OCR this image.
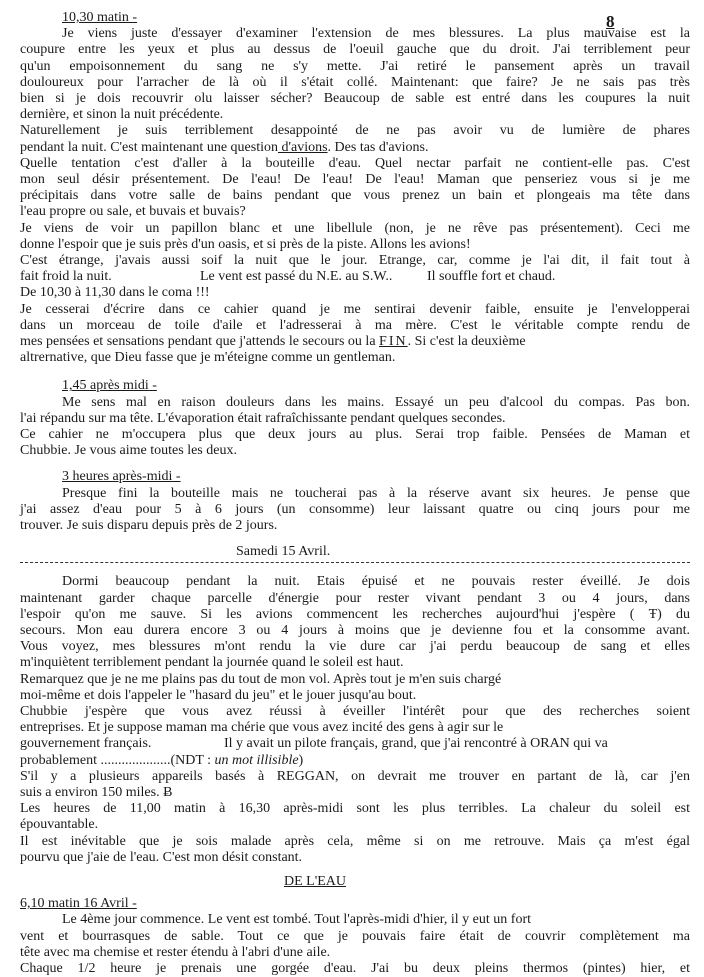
8
10,30 matin -
Je viens juste d'essayer d'examiner l'extension de mes blessures. La plus mauvaise est la
coupure entre les yeux et plus au dessus de l'oeuil gauche que du droit. J'ai terriblement peur
qu'un empoisonnement du sang ne s'y mette. J'ai retiré le pansement après un travail
douloureux pour l'arracher de là où il s'était collé. Maintenant: que faire? Je ne sais pas très
bien si je dois recouvrir olu laisser sécher? Beaucoup de sable est entré dans les coupures la nuit
dernière, et sinon la nuit précédente.
Naturellement je suis terriblement desappointé de ne pas avoir vu de lumière de phares
pendant la nuit. C'est maintenant une question d'avions. Des tas d'avions.
Quelle tentation c'est d'aller à la bouteille d'eau. Quel nectar parfait ne contient-elle pas. C'est
mon seul désir présentement. De l'eau! De l'eau! De l'eau! Maman que penseriez vous si je me
précipitais dans votre salle de bains pendant que vous prenez un bain et plongeais ma tête dans
l'eau propre ou sale, et buvais et buvais?
Je viens de voir un papillon blanc et une libellule (non, je ne rêve pas présentement). Ceci me
donne l'espoir que je suis près d'un oasis, et si près de la piste. Allons les avions!
C'est étrange, j'avais aussi soif la nuit que le jour. Etrange, car, comme je l'ai dit, il fait tout à
fait froid la nuit.	Le vent est passé du N.E. au S.W.. Il souffle fort et chaud.
De 10,30 à 11,30 dans le coma !!!
Je cesserai d'écrire dans ce cahier quand je me sentirai devenir faible, ensuite je l'envelopperai
dans un morceau de toile d'aile et l'adresserai à ma mère. C'est le véritable compte rendu de
mes pensées et sensations pendant que j'attends le secours ou la FIN. Si c'est la deuxième
altrernative, que Dieu fasse que je m'éteigne comme un gentleman.
1,45 après midi -
Me sens mal en raison douleurs dans les mains. Essayé un peu d'alcool du compas. Pas bon.
l'ai répandu sur ma tête. L'évaporation était rafraîchissante pendant quelques secondes.
Ce cahier ne m'occupera plus que deux jours au plus. Serai trop faible. Pensées de Maman et
Chubbie. Je vous aime toutes les deux.
3 heures après-midi -
Presque fini la bouteille mais ne toucherai pas à la réserve avant six heures. Je pense que
j'ai assez d'eau pour 5 à 6 jours (un consomme) leur laissant quatre ou cinq jours pour me
trouver. Je suis disparu depuis près de 2 jours.
Samedi 15 Avril.
Dormi beaucoup pendant la nuit. Etais épuisé et ne pouvais rester éveillé. Je dois
maintenant garder chaque parcelle d'énergie pour rester vivant pendant 3 ou 4 jours, dans
l'espoir qu'on me sauve. Si les avions commencent les recherches aujourd'hui j'espère ( Ŧ) du
secours. Mon eau durera encore 3 ou 4 jours à moins que je devienne fou et la consomme avant.
Vous voyez, mes blessures m'ont rendu la vie dure car j'ai perdu beaucoup de sang et elles
m'inquiètent terriblement pendant la journée quand le soleil est haut.
Remarquez que je ne me plains pas du tout de mon vol. Après tout je m'en suis chargé
moi-même et dois l'appeler le "hasard du jeu" et le jouer jusqu'au bout.
Chubbie j'espère que vous avez réussi à éveiller l'intérêt pour que des recherches soient
entreprises. Et je suppose maman ma chérie que vous avez incité des gens à agir sur le
gouvernement français.	Il y avait un pilote français, grand, que j'ai rencontré à ORAN qui va
probablement ....................(NDT : un mot illisible)
S'il y a plusieurs appareils basés à REGGAN, on devrait me trouver en partant de là, car j'en
suis a environ 150 miles. Ƀ
Les heures de 11,00 matin à 16,30 après-midi sont les plus terribles. La chaleur du soleil est
épouvantable.
Il est inévitable que je sois malade après cela, même si on me retrouve. Mais ça m'est égal
pourvu que j'aie de l'eau. C'est mon désit constant.
DE L'EAU
6,10 matin 16 Avril -
Le 4ème jour commence. Le vent est tombé. Tout l'après-midi d'hier, il y eut un fort
vent et bourrasques de sable. Tout ce que je pouvais faire était de couvrir complètement ma
tête avec ma chemise et rester étendu à l'abri d'une aile.
Chaque 1/2 heure je prenais une gorgée d'eau. J'ai bu deux pleins thermos (pintes) hier, et
